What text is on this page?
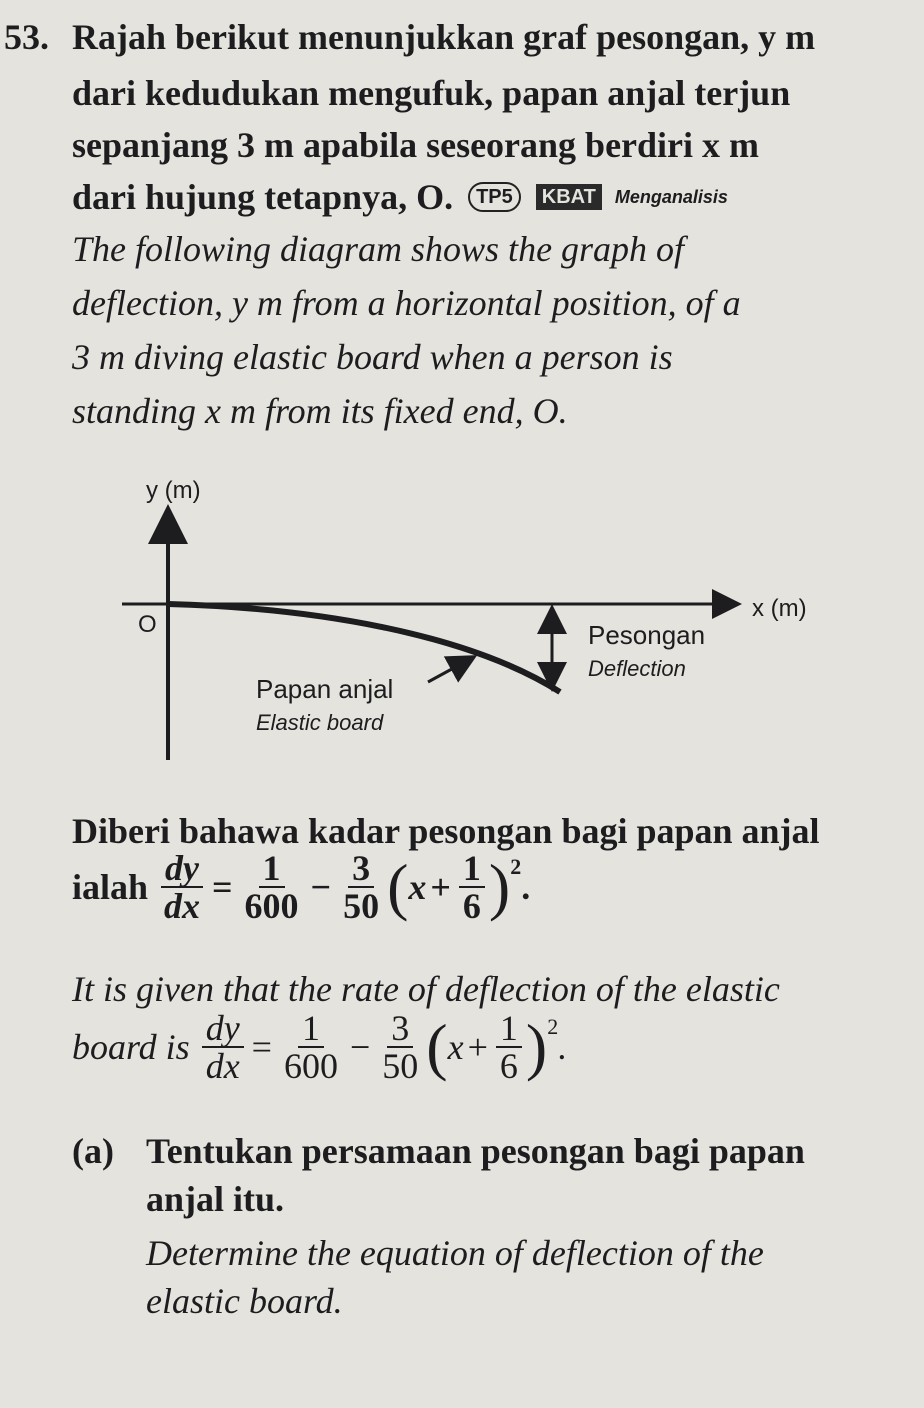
53. Rajah berikut menunjukkan graf pesongan, y m
dari kedudukan mengufuk, papan anjal terjun
sepanjang 3 m apabila seseorang berdiri x m
dari hujung tetapnya, O. TP5 KBAT Menganalisis
The following diagram shows the graph of
deflection, y m from a horizontal position, of a
3 m diving elastic board when a person is
standing x m from its fixed end, O.
y (m)
x (m)
O	Pesongan
Deflection
Papan anjal
Elastic board
Diberi bahawa kadar pesongan bagi papan anjal
ialah $\frac{dy}{dx} = \frac{1}{600} - \frac{3}{50}$ ( $x + \frac{1}{6} )^2$
.
It is given that the rate of deflection of the elastic
board is $\frac{dy}{dx} = \frac{1}{600} - \frac{3}{50}$ ( $x + \frac{1}{6} )^2$
.
(a) Tentukan persamaan pesongan bagi papan
anjal itu.
Determine the equation of deflection of the
elastic board.
